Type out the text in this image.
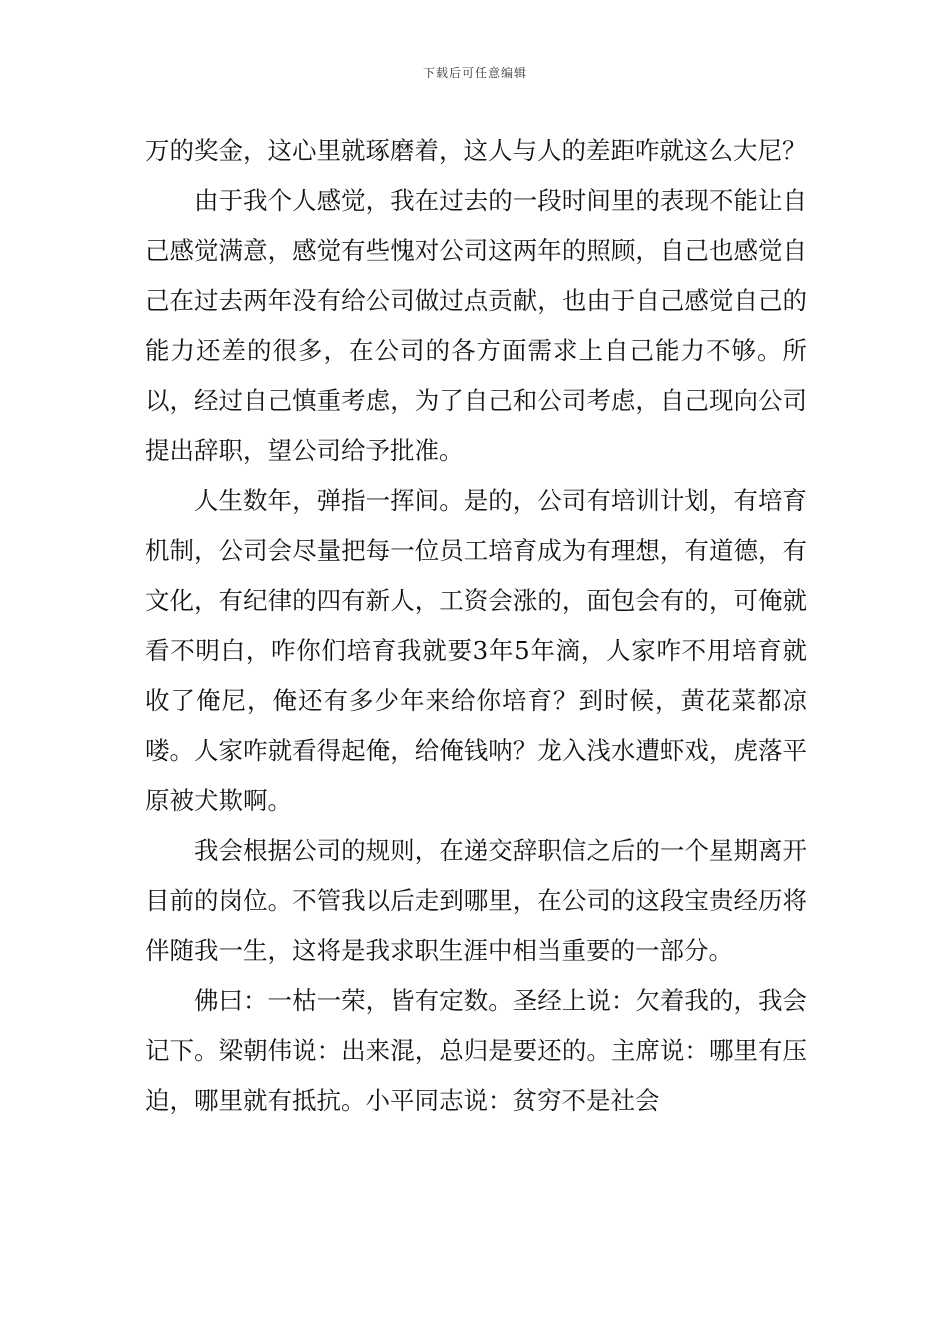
下载后可任意编辑

万的奖金，这心里就琢磨着，这人与人的差距咋就这么大尼？

由于我个人感觉，我在过去的一段时间里的表现不能让自己感觉满意，感觉有些愧对公司这两年的照顾，自己也感觉自己在过去两年没有给公司做过点贡献，也由于自己感觉自己的能力还差的很多，在公司的各方面需求上自己能力不够。所以，经过自己慎重考虑，为了自己和公司考虑，自己现向公司提出辞职，望公司给予批准。

人生数年，弹指一挥间。是的，公司有培训计划，有培育机制，公司会尽量把每一位员工培育成为有理想，有道德，有文化，有纪律的四有新人，工资会涨的，面包会有的，可俺就看不明白，咋你们培育我就要3年5年滴，人家咋不用培育就收了俺尼，俺还有多少年来给你培育？到时候，黄花菜都凉喽。人家咋就看得起俺，给俺钱呐？龙入浅水遭虾戏，虎落平原被犬欺啊。

我会根据公司的规则，在递交辞职信之后的一个星期离开目前的岗位。不管我以后走到哪里，在公司的这段宝贵经历将伴随我一生，这将是我求职生涯中相当重要的一部分。

佛曰：一枯一荣，皆有定数。圣经上说：欠着我的，我会记下。梁朝伟说：出来混，总归是要还的。主席说：哪里有压迫，哪里就有抵抗。小平同志说：贫穷不是社会
